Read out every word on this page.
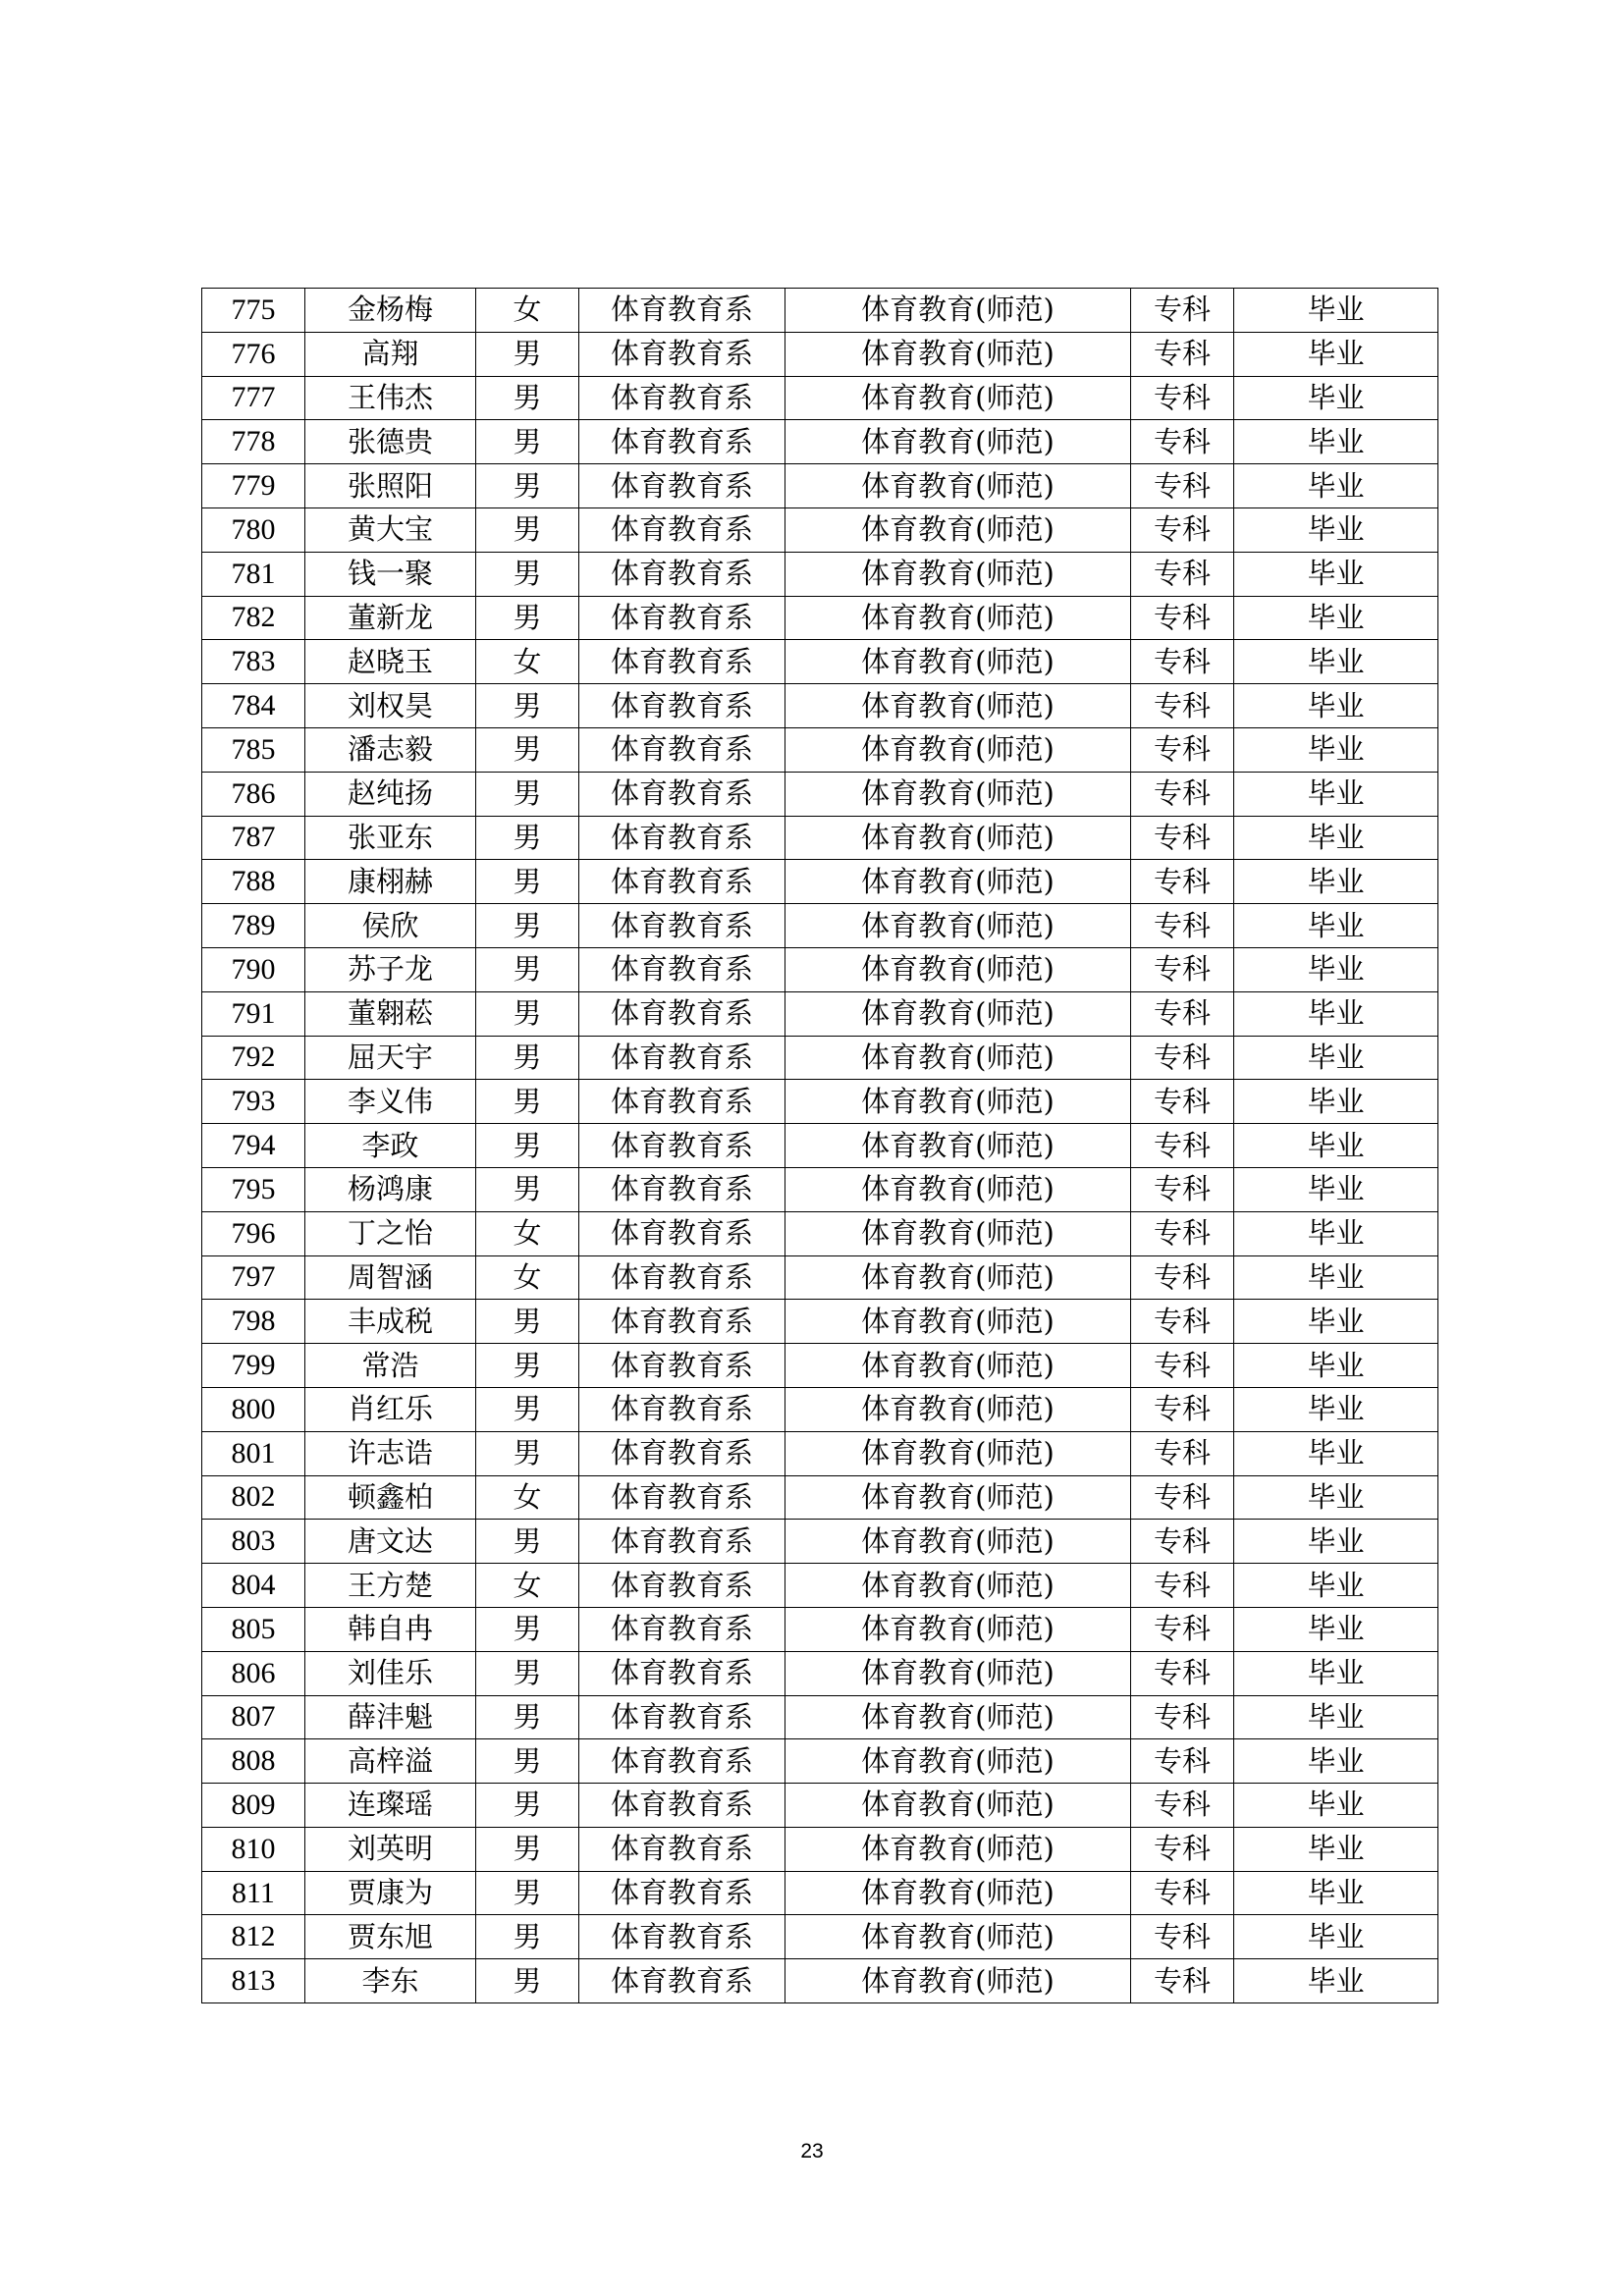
775	金杨梅	女	体育教育系	体育教育(师范)	专科	毕业
776	高翔	男	体育教育系	体育教育(师范)	专科	毕业
777	王伟杰	男	体育教育系	体育教育(师范)	专科	毕业
778	张德贵	男	体育教育系	体育教育(师范)	专科	毕业
779	张照阳	男	体育教育系	体育教育(师范)	专科	毕业
780	黄大宝	男	体育教育系	体育教育(师范)	专科	毕业
781	钱一聚	男	体育教育系	体育教育(师范)	专科	毕业
782	董新龙	男	体育教育系	体育教育(师范)	专科	毕业
783	赵晓玉	女	体育教育系	体育教育(师范)	专科	毕业
784	刘权昊	男	体育教育系	体育教育(师范)	专科	毕业
785	潘志毅	男	体育教育系	体育教育(师范)	专科	毕业
786	赵纯扬	男	体育教育系	体育教育(师范)	专科	毕业
787	张亚东	男	体育教育系	体育教育(师范)	专科	毕业
788	康栩赫	男	体育教育系	体育教育(师范)	专科	毕业
789	侯欣	男	体育教育系	体育教育(师范)	专科	毕业
790	苏子龙	男	体育教育系	体育教育(师范)	专科	毕业
791	董翱菘	男	体育教育系	体育教育(师范)	专科	毕业
792	屈天宇	男	体育教育系	体育教育(师范)	专科	毕业
793	李义伟	男	体育教育系	体育教育(师范)	专科	毕业
794	李政	男	体育教育系	体育教育(师范)	专科	毕业
795	杨鸿康	男	体育教育系	体育教育(师范)	专科	毕业
796	丁之怡	女	体育教育系	体育教育(师范)	专科	毕业
797	周智涵	女	体育教育系	体育教育(师范)	专科	毕业
798	丰成税	男	体育教育系	体育教育(师范)	专科	毕业
799	常浩	男	体育教育系	体育教育(师范)	专科	毕业
800	肖红乐	男	体育教育系	体育教育(师范)	专科	毕业
801	许志诰	男	体育教育系	体育教育(师范)	专科	毕业
802	顿鑫柏	女	体育教育系	体育教育(师范)	专科	毕业
803	唐文达	男	体育教育系	体育教育(师范)	专科	毕业
804	王方楚	女	体育教育系	体育教育(师范)	专科	毕业
805	韩自冉	男	体育教育系	体育教育(师范)	专科	毕业
806	刘佳乐	男	体育教育系	体育教育(师范)	专科	毕业
807	薛沣魁	男	体育教育系	体育教育(师范)	专科	毕业
808	高梓溢	男	体育教育系	体育教育(师范)	专科	毕业
809	连璨瑶	男	体育教育系	体育教育(师范)	专科	毕业
810	刘英明	男	体育教育系	体育教育(师范)	专科	毕业
811	贾康为	男	体育教育系	体育教育(师范)	专科	毕业
812	贾东旭	男	体育教育系	体育教育(师范)	专科	毕业
813	李东	男	体育教育系	体育教育(师范)	专科	毕业
23
